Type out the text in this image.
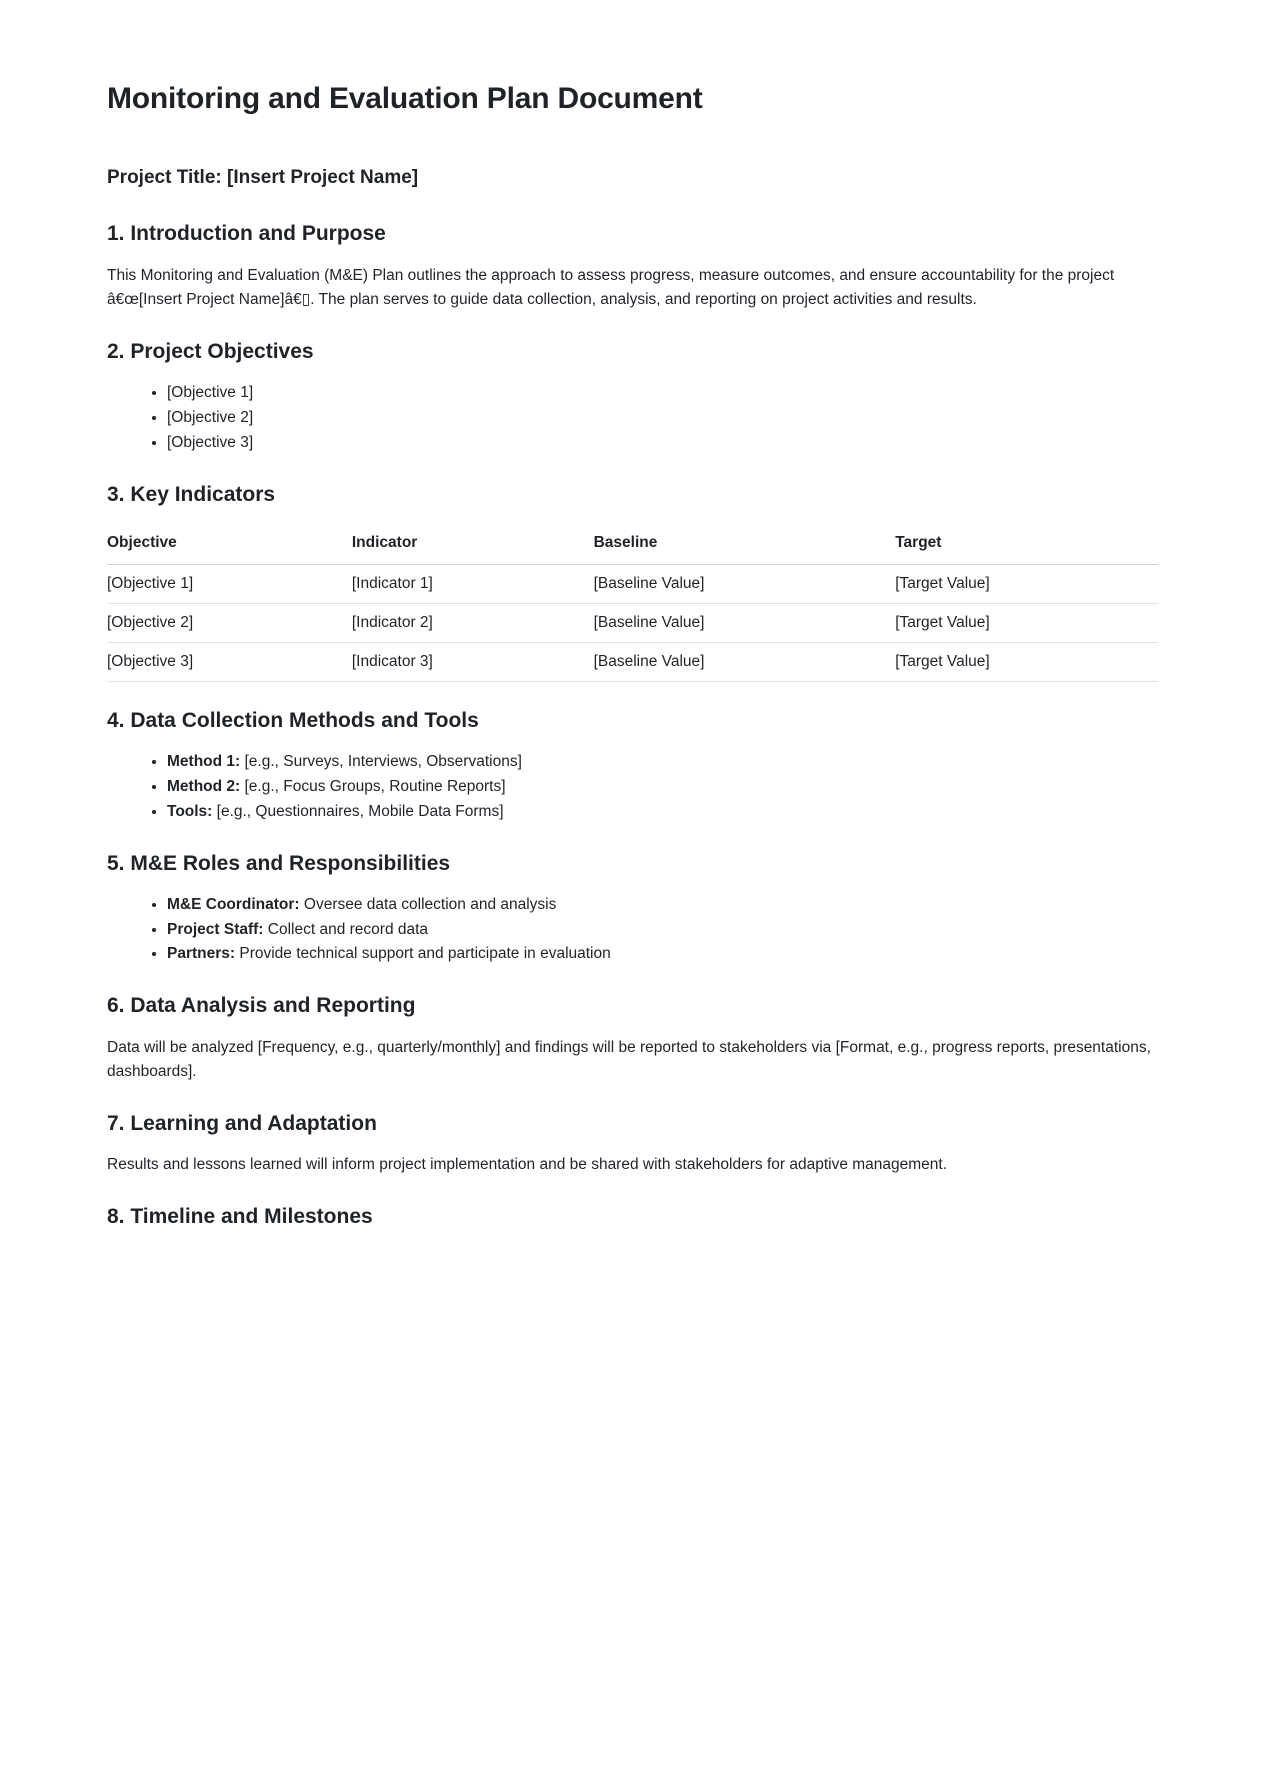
Monitoring and Evaluation Plan Document

Project Title: [Insert Project Name]

1. Introduction and Purpose

This Monitoring and Evaluation (M&E) Plan outlines the approach to assess progress, measure outcomes, and ensure accountability for the project â€œ[Insert Project Name]â€▯. The plan serves to guide data collection, analysis, and reporting on project activities and results.

2. Project Objectives
• [Objective 1]
• [Objective 2]
• [Objective 3]
3. Key Indicators
Objective	Indicator	Baseline	Target
[Objective 1]	[Indicator 1]	[Baseline Value]	[Target Value]
[Objective 2]	[Indicator 2]	[Baseline Value]	[Target Value]
[Objective 3]	[Indicator 3]	[Baseline Value]	[Target Value]
4. Data Collection Methods and Tools
• Method 1: [e.g., Surveys, Interviews, Observations]
• Method 2: [e.g., Focus Groups, Routine Reports]
• Tools: [e.g., Questionnaires, Mobile Data Forms]
5. M&E Roles and Responsibilities
• M&E Coordinator: Oversee data collection and analysis
• Project Staff: Collect and record data
• Partners: Provide technical support and participate in evaluation
6. Data Analysis and Reporting

Data will be analyzed [Frequency, e.g., quarterly/monthly] and findings will be reported to stakeholders via [Format, e.g., progress reports, presentations, dashboards].

7. Learning and Adaptation

Results and lessons learned will inform project implementation and be shared with stakeholders for adaptive management.

8. Timeline and Milestones
